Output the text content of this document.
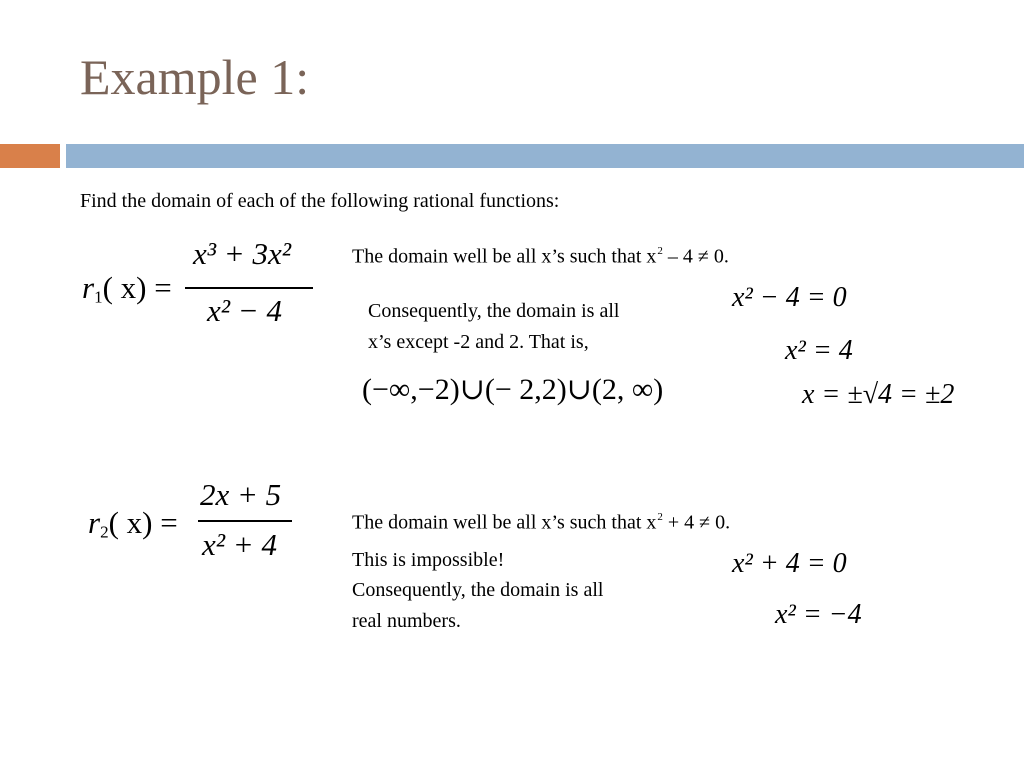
Example 1:
Find the domain of each of the following rational functions:
$r_1$( x) =
x³ + 3x²
x² − 4
The domain well be all x’s such that $x^2 - 4 \ne 0$.
Consequently, the domain is all
x’s except -2 and 2. That is,
(−∞,−2)∪(− 2,2)∪(2, ∞)
x² − 4 = 0
x² = 4
x = ±√4 = ±2
$r_2$( x) =
2x + 5
x² + 4
The domain well be all x’s such that $x^2 + 4 \ne 0$.
This is impossible!
Consequently, the domain is all
real numbers.
x² + 4 = 0
x² = −4
